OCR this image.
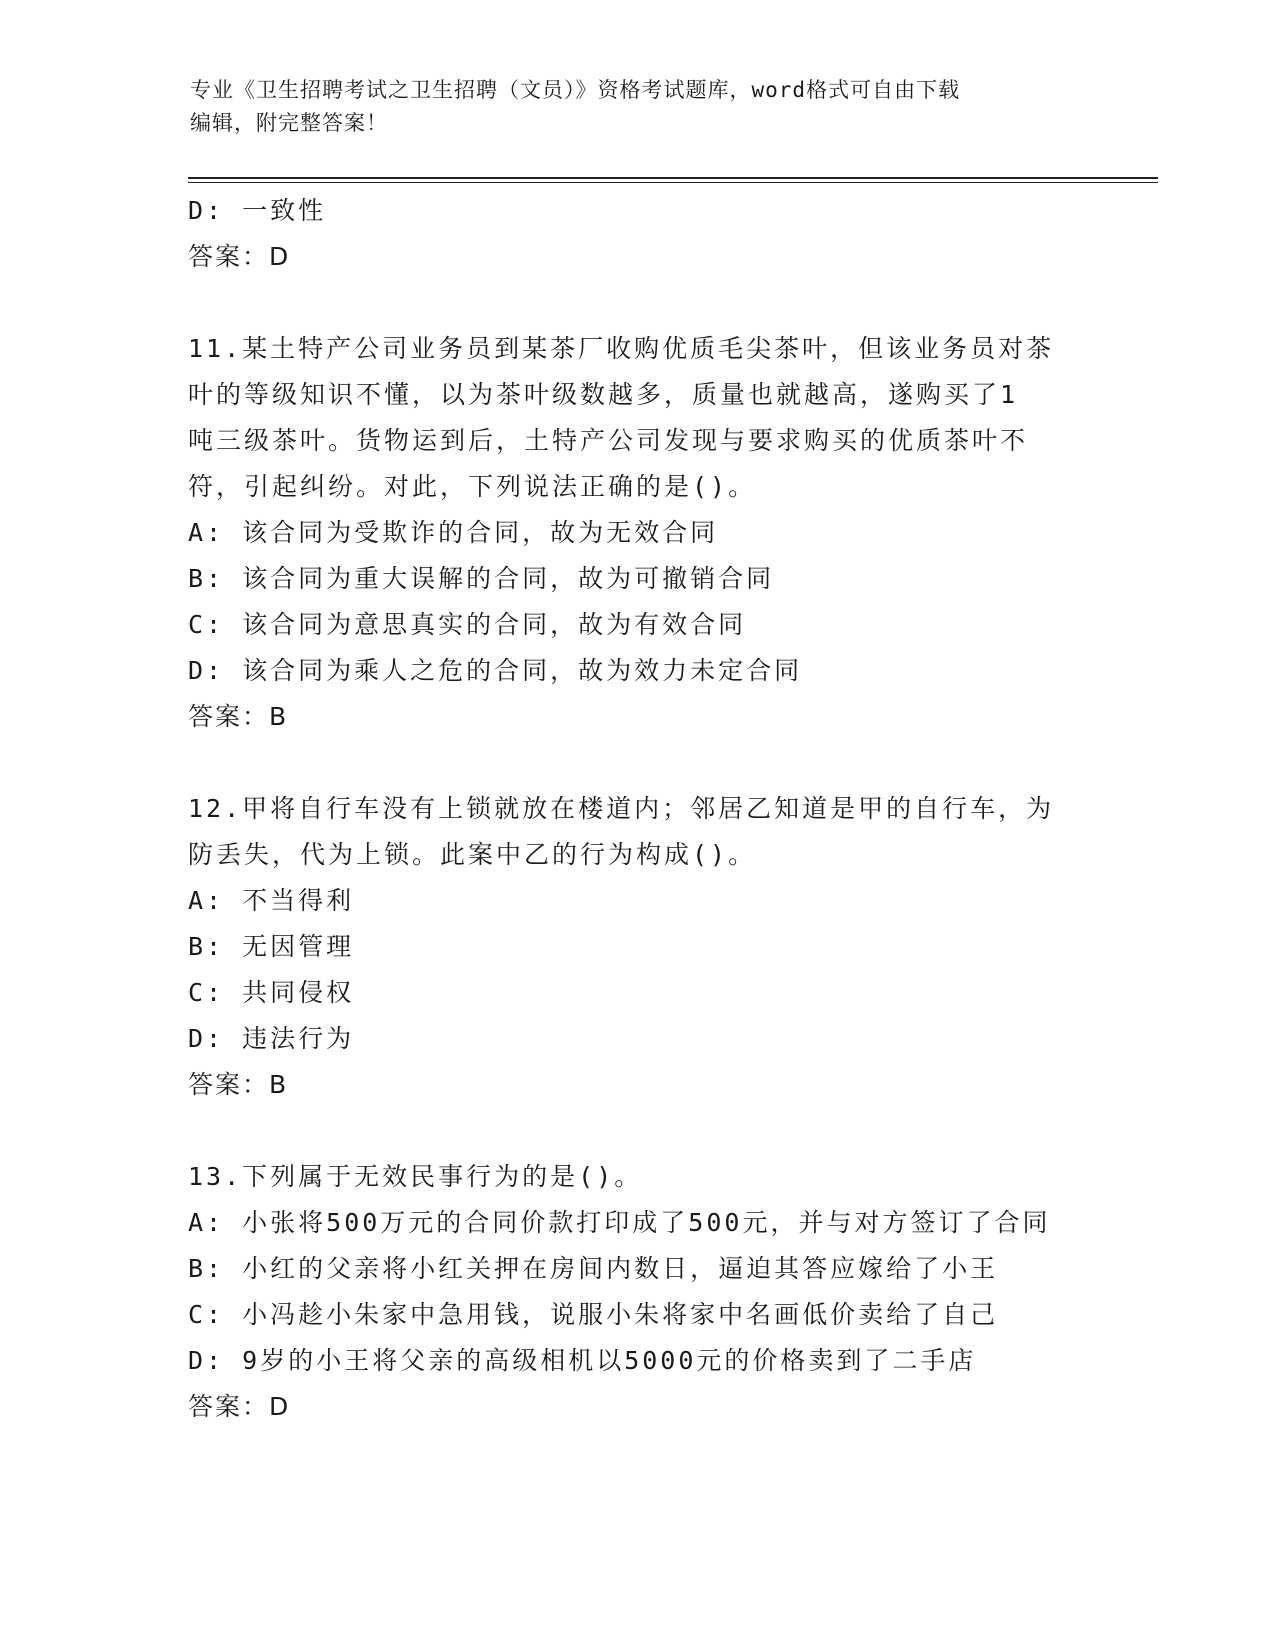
专业《卫生招聘考试之卫生招聘（文员）》资格考试题库，word格式可自由下载
编辑，附完整答案！
D: 一致性
答案：D
11.某土特产公司业务员到某茶厂收购优质毛尖茶叶，但该业务员对茶
叶的等级知识不懂，以为茶叶级数越多，质量也就越高，遂购买了1
吨三级茶叶。货物运到后，土特产公司发现与要求购买的优质茶叶不
符，引起纠纷。对此，下列说法正确的是()。
A: 该合同为受欺诈的合同，故为无效合同
B: 该合同为重大误解的合同，故为可撤销合同
C: 该合同为意思真实的合同，故为有效合同
D: 该合同为乘人之危的合同，故为效力未定合同
答案：B
12.甲将自行车没有上锁就放在楼道内；邻居乙知道是甲的自行车，为
防丢失，代为上锁。此案中乙的行为构成()。
A: 不当得利
B: 无因管理
C: 共同侵权
D: 违法行为
答案：B
13.下列属于无效民事行为的是()。
A: 小张将500万元的合同价款打印成了500元，并与对方签订了合同
B: 小红的父亲将小红关押在房间内数日，逼迫其答应嫁给了小王
C: 小冯趁小朱家中急用钱，说服小朱将家中名画低价卖给了自己
D: 9岁的小王将父亲的高级相机以5000元的价格卖到了二手店
答案：D
